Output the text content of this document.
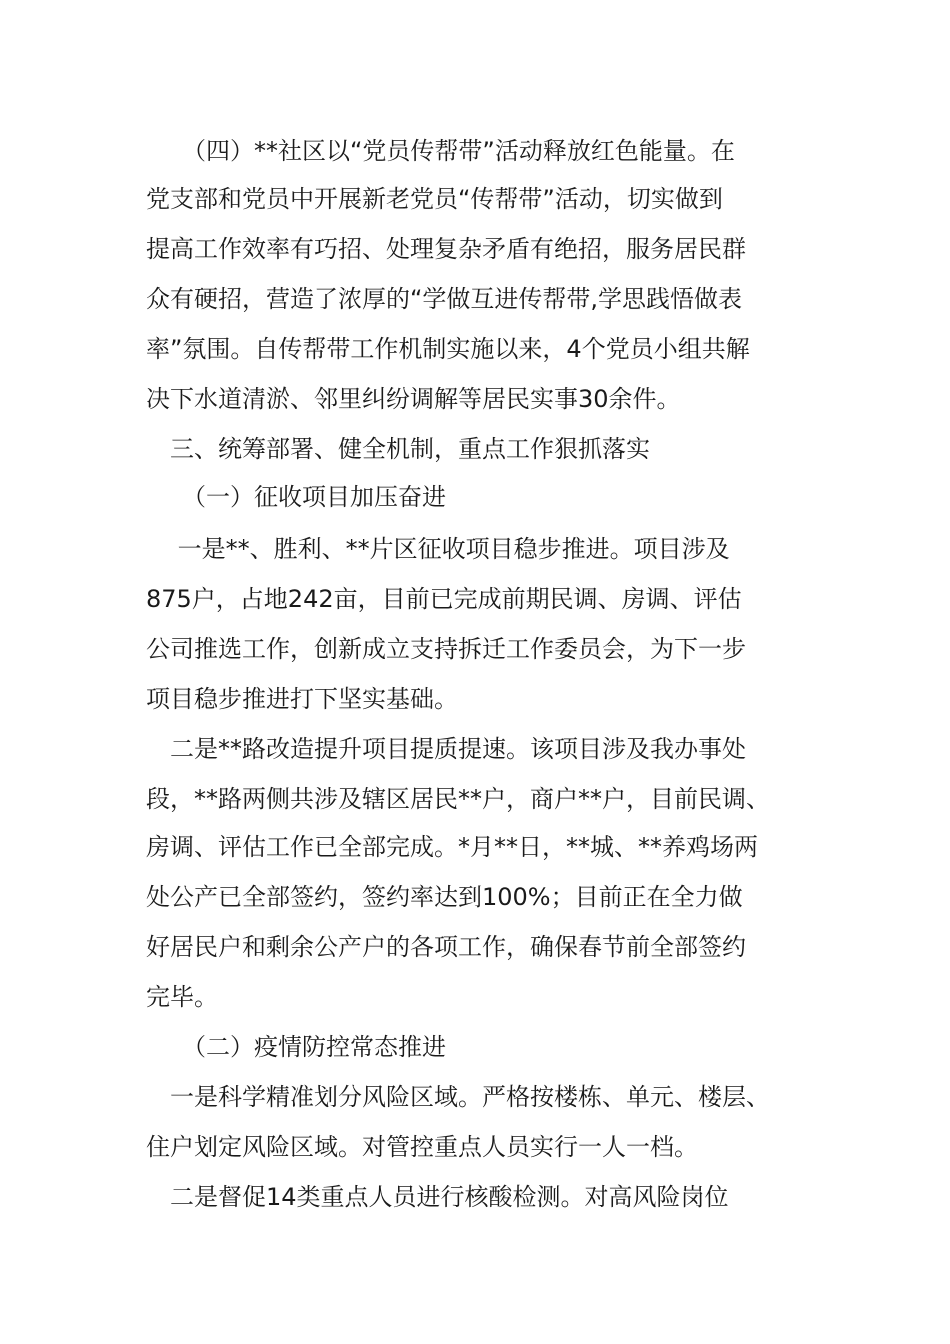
　　（四）**社区以“党员传帮带”活动释放红色能量。在
党支部和党员中开展新老党员“传帮带”活动，切实做到
提高工作效率有巧招、处理复杂矛盾有绝招，服务居民群
众有硬招，营造了浓厚的“学做互进传帮带,学思践悟做表
率”氛围。自传帮带工作机制实施以来，4个党员小组共解
决下水道清淤、邻里纠纷调解等居民实事30余件。
　三、统筹部署、健全机制，重点工作狠抓落实
　　（一）征收项目加压奋进
　 一是**、胜利、**片区征收项目稳步推进。项目涉及
875户，占地242亩，目前已完成前期民调、房调、评估
公司推选工作，创新成立支持拆迁工作委员会，为下一步
项目稳步推进打下坚实基础。
　二是**路改造提升项目提质提速。该项目涉及我办事处
段，**路两侧共涉及辖区居民**户，商户**户，目前民调、
房调、评估工作已全部完成。*月**日，**城、**养鸡场两
处公产已全部签约，签约率达到100%；目前正在全力做
好居民户和剩余公产户的各项工作，确保春节前全部签约
完毕。
　　（二）疫情防控常态推进
　一是科学精准划分风险区域。严格按楼栋、单元、楼层、
住户划定风险区域。对管控重点人员实行一人一档。
　二是督促14类重点人员进行核酸检测。对高风险岗位
